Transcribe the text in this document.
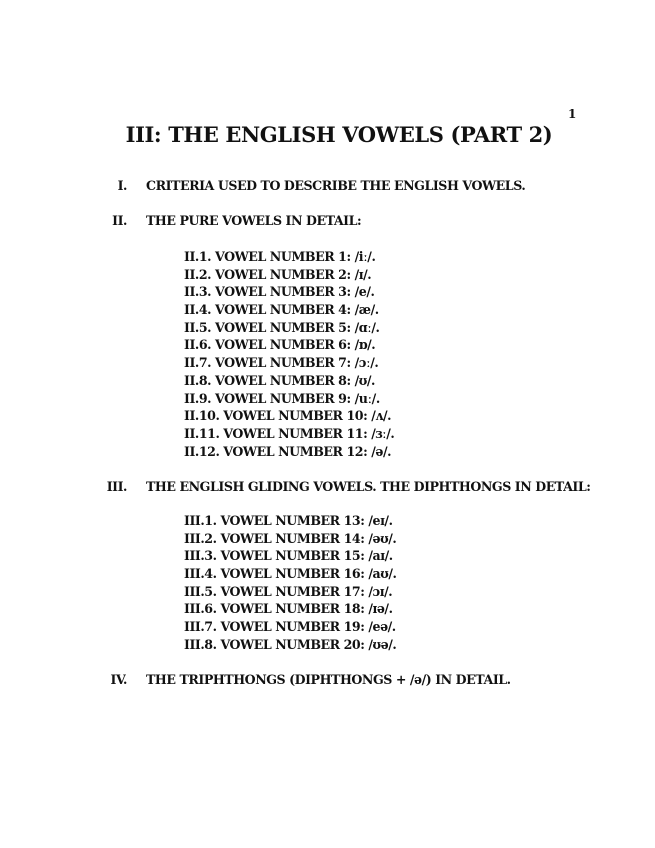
1
III: THE ENGLISH VOWELS (PART 2)
I. CRITERIA USED TO DESCRIBE THE ENGLISH VOWELS.
II. THE PURE VOWELS IN DETAIL:
II.1. VOWEL NUMBER 1: /iː/.
II.2. VOWEL NUMBER 2: /ɪ/.
II.3. VOWEL NUMBER 3: /e/.
II.4. VOWEL NUMBER 4: /æ/.
II.5. VOWEL NUMBER 5: /ɑː/.
II.6. VOWEL NUMBER 6: /ɒ/.
II.7. VOWEL NUMBER 7: /ɔː/.
II.8. VOWEL NUMBER 8: /ʊ/.
II.9. VOWEL NUMBER 9: /uː/.
II.10. VOWEL NUMBER 10: /ʌ/.
II.11. VOWEL NUMBER 11: /ɜː/.
II.12. VOWEL NUMBER 12: /ə/.
III. THE ENGLISH GLIDING VOWELS. THE DIPHTHONGS IN DETAIL:
III.1. VOWEL NUMBER 13: /eɪ/.
III.2. VOWEL NUMBER 14: /əʊ/.
III.3. VOWEL NUMBER 15: /aɪ/.
III.4. VOWEL NUMBER 16: /aʊ/.
III.5. VOWEL NUMBER 17: /ɔɪ/.
III.6. VOWEL NUMBER 18: /ɪə/.
III.7. VOWEL NUMBER 19: /eə/.
III.8. VOWEL NUMBER 20: /ʊə/.
IV. THE TRIPHTHONGS (DIPHTHONGS + /ə/) IN DETAIL.
